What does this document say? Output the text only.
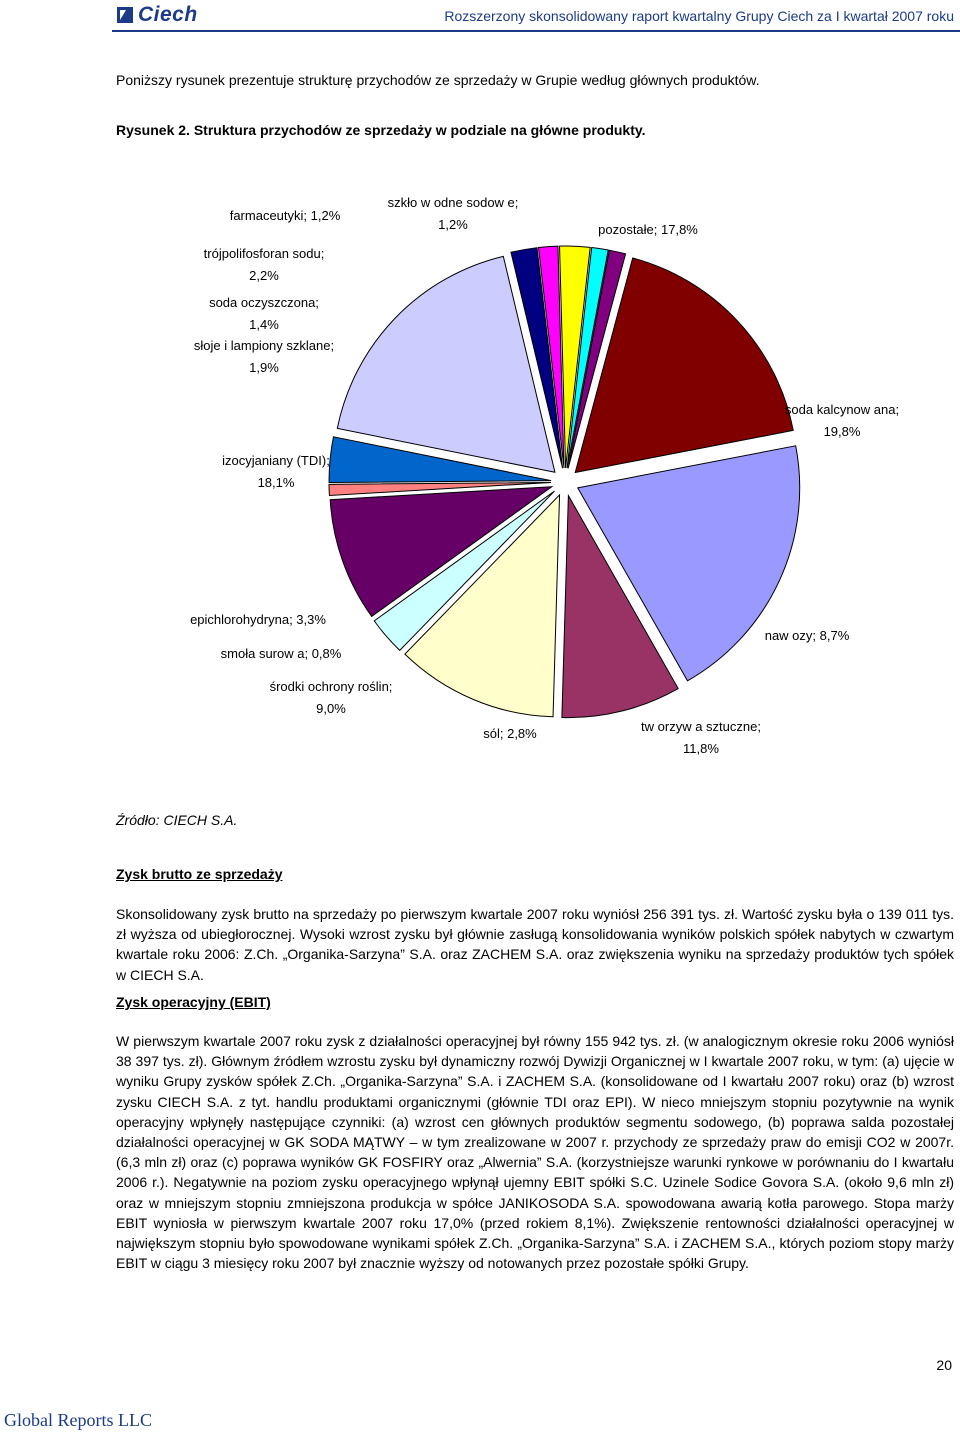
Ciech	Rozszerzony skonsolidowany raport kwartalny Grupy Ciech za I kwartał 2007 roku
Poniższy rysunek prezentuje strukturę przychodów ze sprzedaży w Grupie według głównych produktów.
Rysunek 2. Struktura przychodów ze sprzedaży w podziale na główne produkty.
farmaceutyki; 1,2%
szkło w odne sodow e; 1,2%	pozostałe; 17,8%
trójpolifosforan sodu; 2,2%
soda oczyszczona; 1,4%
słoje i lampiony szklane; 1,9%
soda kalcynow ana; 19,8%
izocyjaniany (TDI); 18,1%
epichlorohydryna; 3,3%
smoła surow a; 0,8%
naw ozy; 8,7%
środki ochrony roślin; 9,0%
sól; 2,8%	tw orzyw a sztuczne; 11,8%
Źródło: CIECH S.A.
Zysk brutto ze sprzedaży
Skonsolidowany zysk brutto na sprzedaży po pierwszym kwartale 2007 roku wyniósł 256 391 tys. zł. Wartość zysku była o 139 011 tys. zł wyższa od ubiegłorocznej. Wysoki wzrost zysku był głównie zasługą konsolidowania wyników polskich spółek nabytych w czwartym kwartale roku 2006: Z.Ch. „Organika-Sarzyna” S.A. oraz ZACHEM S.A. oraz zwiększenia wyniku na sprzedaży produktów tych spółek w CIECH S.A.
Zysk operacyjny (EBIT)
W pierwszym kwartale 2007 roku zysk z działalności operacyjnej był równy 155 942 tys. zł. (w analogicznym okresie roku 2006 wyniósł 38 397 tys. zł). Głównym źródłem wzrostu zysku był dynamiczny rozwój Dywizji Organicznej w I kwartale 2007 roku, w tym: (a) ujęcie w wyniku Grupy zysków spółek Z.Ch. „Organika-Sarzyna” S.A. i ZACHEM S.A. (konsolidowane od I kwartału 2007 roku) oraz (b) wzrost zysku CIECH S.A. z tyt. handlu produktami organicznymi (głównie TDI oraz EPI). W nieco mniejszym stopniu pozytywnie na wynik operacyjny wpłynęły następujące czynniki: (a) wzrost cen głównych produktów segmentu sodowego, (b) poprawa salda pozostałej działalności operacyjnej w GK SODA MĄTWY – w tym zrealizowane w 2007 r. przychody ze sprzedaży praw do emisji CO2 w 2007r. (6,3 mln zł) oraz (c) poprawa wyników GK FOSFIRY oraz „Alwernia” S.A. (korzystniejsze warunki rynkowe w porównaniu do I kwartału 2006 r.). Negatywnie na poziom zysku operacyjnego wpłynął ujemny EBIT spółki S.C. Uzinele Sodice Govora S.A. (około 9,6 mln zł) oraz w mniejszym stopniu zmniejszona produkcja w spółce JANIKOSODA S.A. spowodowana awarią kotła parowego. Stopa marży EBIT wyniosła w pierwszym kwartale 2007 roku 17,0% (przed rokiem 8,1%). Zwiększenie rentowności działalności operacyjnej w największym stopniu było spowodowane wynikami spółek Z.Ch. „Organika-Sarzyna” S.A. i ZACHEM S.A., których poziom stopy marży EBIT w ciągu 3 miesięcy roku 2007 był znacznie wyższy od notowanych przez pozostałe spółki Grupy.
20
Global Reports LLC
